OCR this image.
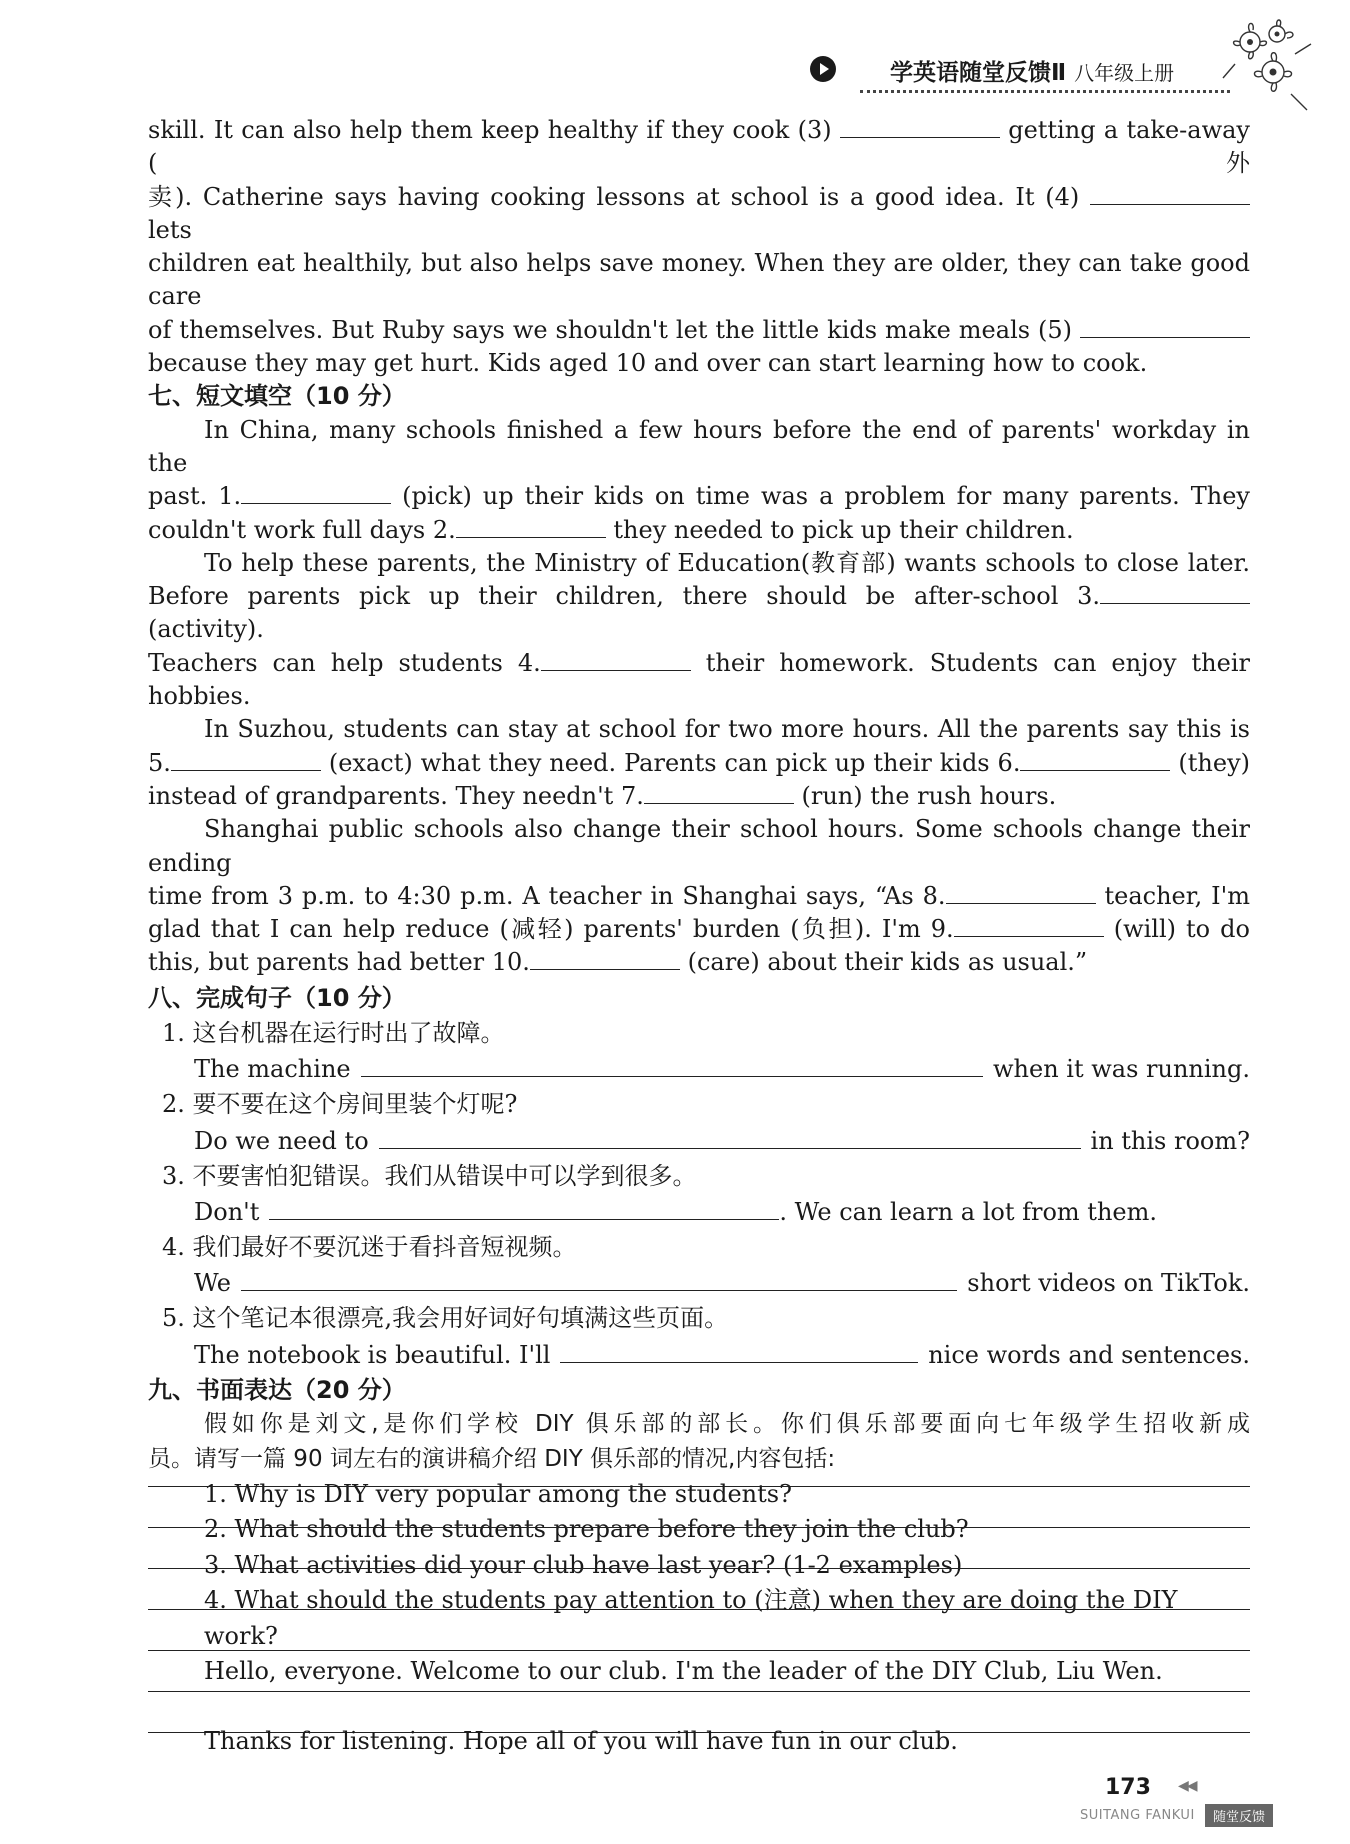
学英语随堂反馈Ⅱ 八年级上册
skill. It can also help them keep healthy if they cook (3)	getting a take-away (外
卖). Catherine says having cooking lessons at school is a good idea. It (4)  lets
children eat healthily, but also helps save money. When they are older, they can take good care
of themselves. But Ruby says we shouldn't let the little kids make meals (5)
because they may get hurt. Kids aged 10 and over can start learning how to cook.
七、短文填空（10 分）
In China, many schools finished a few hours before the end of parents' workday in the
past. 1.	(pick) up their kids on time was a problem for many parents. They
couldn't work full days 2.	they needed to pick up their children.
To help these parents, the Ministry of Education(教育部) wants schools to close later.
Before parents pick up their children, there should be after-school 3. (activity).
Teachers can help students 4.	their homework. Students can enjoy their hobbies.
In Suzhou, students can stay at school for two more hours. All the parents say this is
5.	(exact) what they need. Parents can pick up their kids 6.	(they)
instead of grandparents. They needn't 7.	(run) the rush hours.
Shanghai public schools also change their school hours. Some schools change their ending
time from 3 p.m. to 4:30 p.m. A teacher in Shanghai says, “As 8.	teacher, I'm
glad that I can help reduce (减轻) parents' burden (负担). I'm 9.	(will) to do
this, but parents had better 10.	(care) about their kids as usual.”
八、完成句子（10 分）
1. 这台机器在运行时出了故障。
The machine	when it was running.
2. 要不要在这个房间里装个灯呢?
Do we need to	in this room?
3. 不要害怕犯错误。我们从错误中可以学到很多。
Don't	. We can learn a lot from them.
4. 我们最好不要沉迷于看抖音短视频。
We	short videos on TikTok.
5. 这个笔记本很漂亮,我会用好词好句填满这些页面。
The notebook is beautiful. I'll	nice words and sentences.
九、书面表达（20 分）
假如你是刘文,是你们学校 DIY 俱乐部的部长。你们俱乐部要面向七年级学生招收新成
员。请写一篇 90 词左右的演讲稿介绍 DIY 俱乐部的情况,内容包括:
1. Why is DIY very popular among the students?
2. What should the students prepare before they join the club?
3. What activities did your club have last year? (1-2 examples)
4. What should the students pay attention to (注意) when they are doing the DIY work?
Hello, everyone. Welcome to our club. I'm the leader of the DIY Club, Liu Wen.
Thanks for listening. Hope all of you will have fun in our club.
173 ◀◀
SUITANG FANKUI	随堂反馈
